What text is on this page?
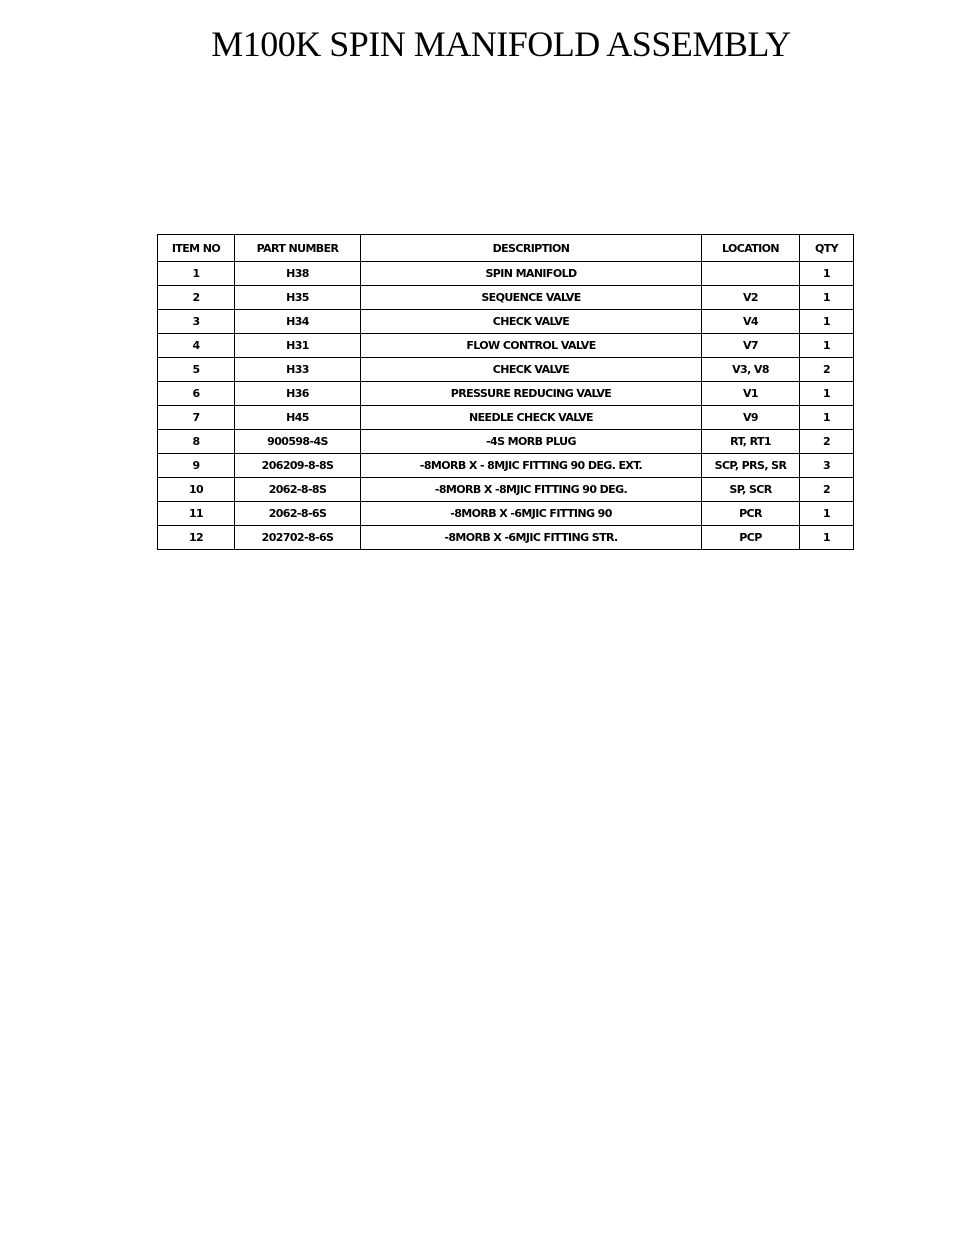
M100K SPIN MANIFOLD ASSEMBLY
ITEM NO	PART NUMBER	DESCRIPTION	LOCATION	QTY
1	H38	SPIN MANIFOLD		1
2	H35	SEQUENCE VALVE	V2	1
3	H34	CHECK VALVE	V4	1
4	H31	FLOW CONTROL VALVE	V7	1
5	H33	CHECK VALVE	V3, V8	2
6	H36	PRESSURE REDUCING VALVE	V1	1
7	H45	NEEDLE CHECK VALVE	V9	1
8	900598-4S	-4S MORB PLUG	RT, RT1	2
9	206209-8-8S	-8MORB X - 8MJIC FITTING 90 DEG. EXT.	SCP, PRS, SR	3
10	2062-8-8S	-8MORB X -8MJIC FITTING 90 DEG.	SP, SCR	2
11	2062-8-6S	-8MORB X -6MJIC FITTING 90	PCR	1
12	202702-8-6S	-8MORB X -6MJIC FITTING STR.	PCP	1
